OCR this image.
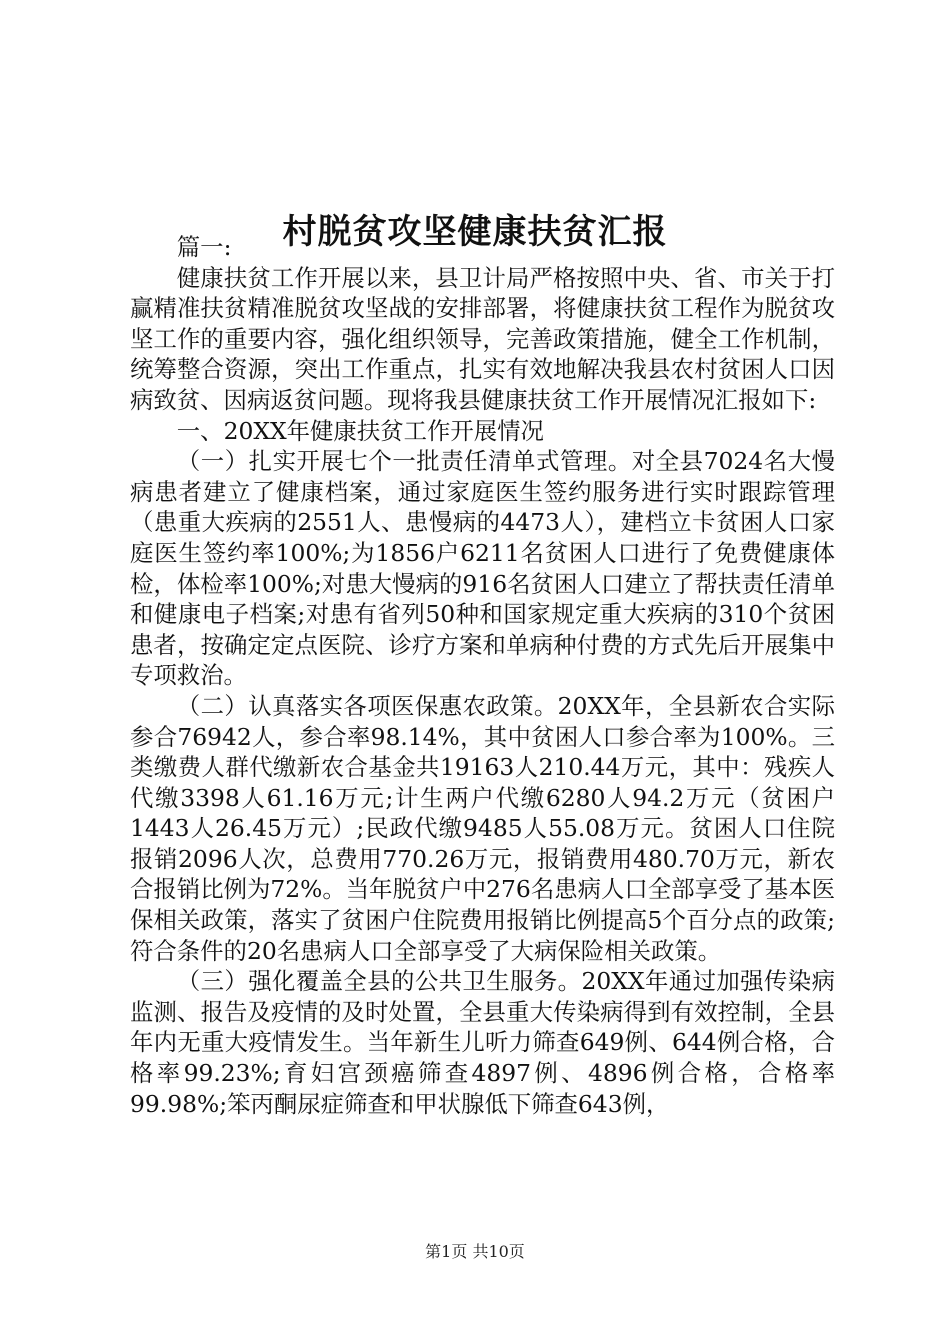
村脱贫攻坚健康扶贫汇报

篇一:

健康扶贫工作开展以来，县卫计局严格按照中央、省、市关于打赢精准扶贫精准脱贫攻坚战的安排部署，将健康扶贫工程作为脱贫攻坚工作的重要内容，强化组织领导，完善政策措施，健全工作机制，统筹整合资源，突出工作重点，扎实有效地解决我县农村贫困人口因病致贫、因病返贫问题。现将我县健康扶贫工作开展情况汇报如下:

一、20XX年健康扶贫工作开展情况

（一）扎实开展七个一批责任清单式管理。对全县7024名大慢病患者建立了健康档案，通过家庭医生签约服务进行实时跟踪管理（患重大疾病的2551人、患慢病的4473人），建档立卡贫困人口家庭医生签约率100%;为1856户6211名贫困人口进行了免费健康体检，体检率100%;对患大慢病的916名贫困人口建立了帮扶责任清单和健康电子档案;对患有省列50种和国家规定重大疾病的310个贫困患者，按确定定点医院、诊疗方案和单病种付费的方式先后开展集中专项救治。

（二）认真落实各项医保惠农政策。20XX年，全县新农合实际参合76942人，参合率98.14%，其中贫困人口参合率为100%。三类缴费人群代缴新农合基金共19163人210.44万元，其中：残疾人代缴3398人61.16万元;计生两户代缴6280人94.2万元（贫困户1443人26.45万元）;民政代缴9485人55.08万元。贫困人口住院报销2096人次，总费用770.26万元，报销费用480.70万元，新农合报销比例为72%。当年脱贫户中276名患病人口全部享受了基本医保相关政策，落实了贫困户住院费用报销比例提高5个百分点的政策;符合条件的20名患病人口全部享受了大病保险相关政策。

（三）强化覆盖全县的公共卫生服务。20XX年通过加强传染病监测、报告及疫情的及时处置，全县重大传染病得到有效控制，全县年内无重大疫情发生。当年新生儿听力筛查649例、644例合格，合格率99.23%;育妇宫颈癌筛查4897例、4896例合格，合格率99.98%;笨丙酮尿症筛查和甲状腺低下筛查643例，

第1页 共10页
